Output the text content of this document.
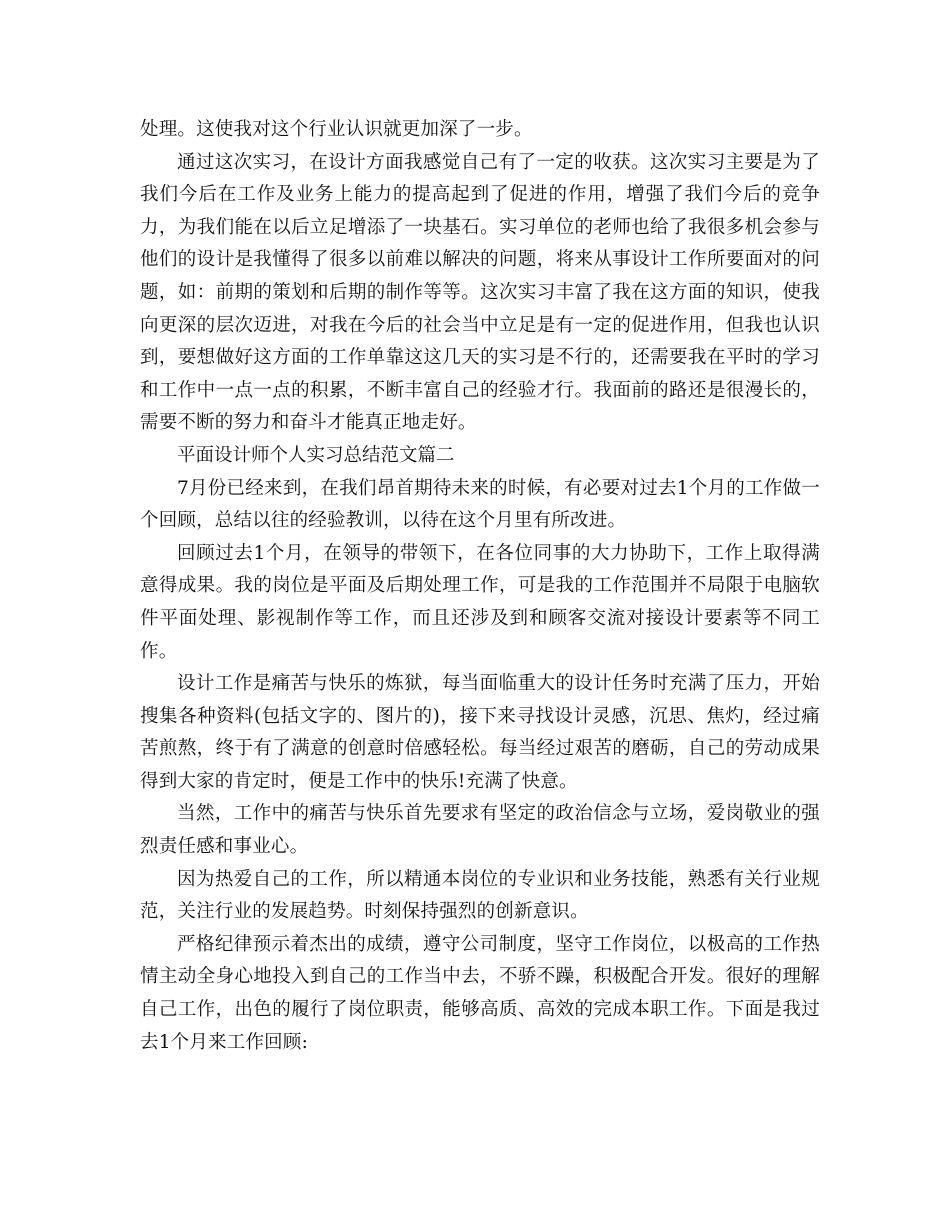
处理。这使我对这个行业认识就更加深了一步。

通过这次实习，在设计方面我感觉自己有了一定的收获。这次实习主要是为了我们今后在工作及业务上能力的提高起到了促进的作用，增强了我们今后的竞争力，为我们能在以后立足增添了一块基石。实习单位的老师也给了我很多机会参与他们的设计是我懂得了很多以前难以解决的问题，将来从事设计工作所要面对的问题，如：前期的策划和后期的制作等等。这次实习丰富了我在这方面的知识，使我向更深的层次迈进，对我在今后的社会当中立足是有一定的促进作用，但我也认识到，要想做好这方面的工作单靠这这几天的实习是不行的，还需要我在平时的学习和工作中一点一点的积累，不断丰富自己的经验才行。我面前的路还是很漫长的，需要不断的努力和奋斗才能真正地走好。

平面设计师个人实习总结范文篇二

7月份已经来到，在我们昂首期待未来的时候，有必要对过去1个月的工作做一个回顾，总结以往的经验教训，以待在这个月里有所改进。

回顾过去1个月，在领导的带领下，在各位同事的大力协助下，工作上取得满意得成果。我的岗位是平面及后期处理工作，可是我的工作范围并不局限于电脑软件平面处理、影视制作等工作，而且还涉及到和顾客交流对接设计要素等不同工作。

设计工作是痛苦与快乐的炼狱，每当面临重大的设计任务时充满了压力，开始搜集各种资料(包括文字的、图片的)，接下来寻找设计灵感，沉思、焦灼，经过痛苦煎熬，终于有了满意的创意时倍感轻松。每当经过艰苦的磨砺，自己的劳动成果得到大家的肯定时，便是工作中的快乐!充满了快意。

当然，工作中的痛苦与快乐首先要求有坚定的政治信念与立场，爱岗敬业的强烈责任感和事业心。

因为热爱自己的工作，所以精通本岗位的专业识和业务技能，熟悉有关行业规范，关注行业的发展趋势。时刻保持强烈的创新意识。

严格纪律预示着杰出的成绩，遵守公司制度，坚守工作岗位，以极高的工作热情主动全身心地投入到自己的工作当中去，不骄不躁，积极配合开发。很好的理解自己工作，出色的履行了岗位职责，能够高质、高效的完成本职工作。下面是我过去1个月来工作回顾:
